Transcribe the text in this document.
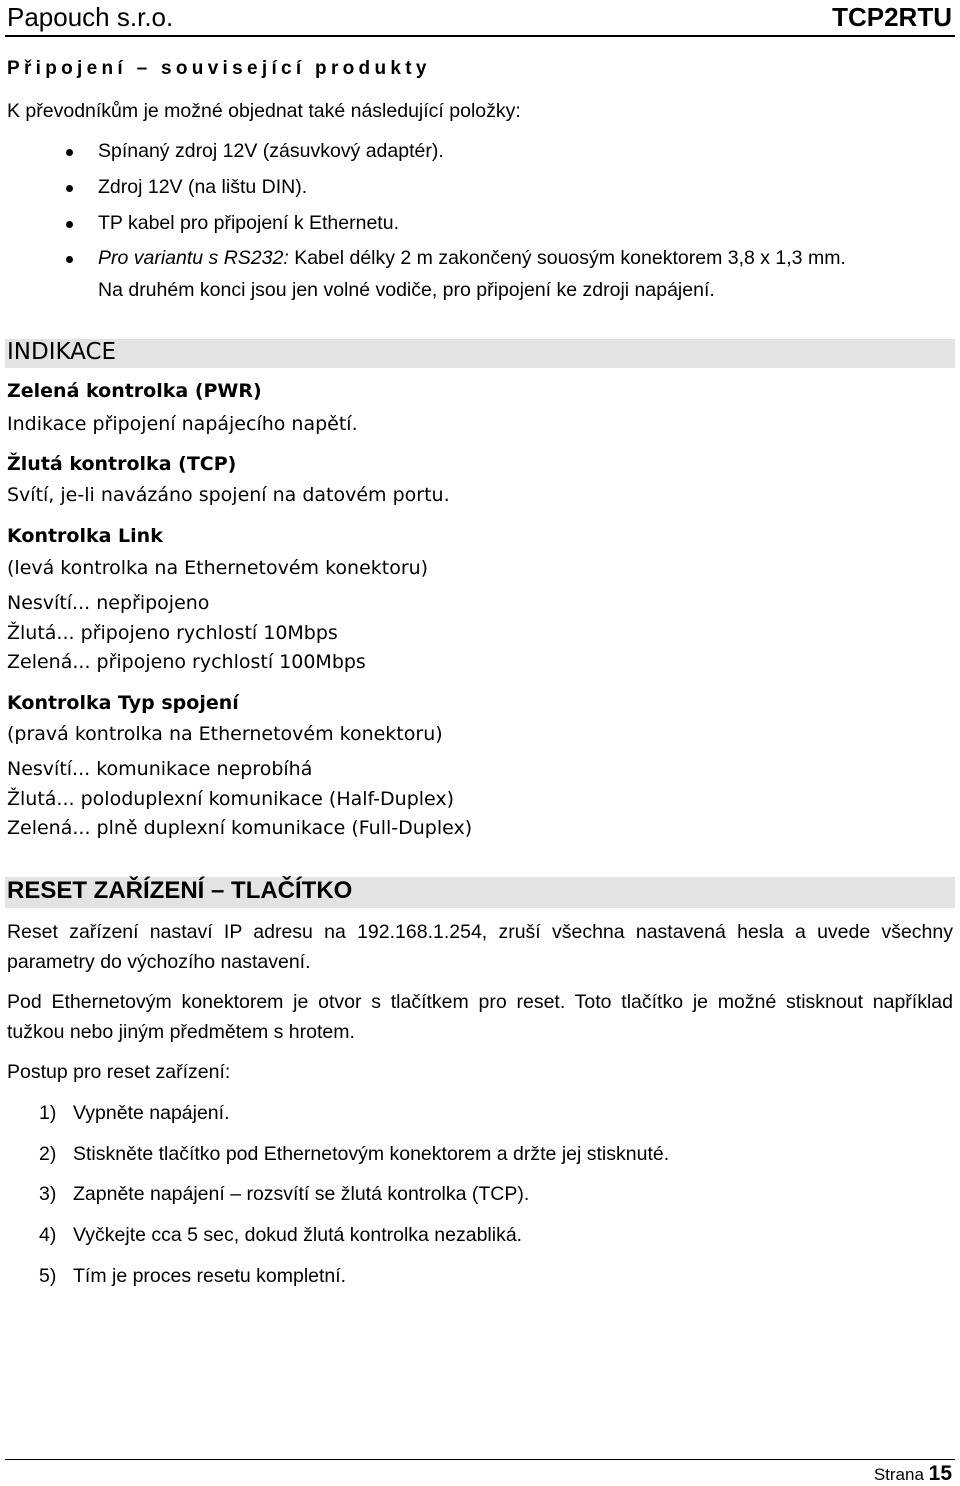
Papouch s.r.o.	TCP2RTU
Připojení – související produkty
K převodníkům je možné objednat také následující položky:
Spínaný zdroj 12V (zásuvkový adaptér).
Zdroj 12V (na lištu DIN).
TP kabel pro připojení k Ethernetu.
Pro variantu s RS232: Kabel délky 2 m zakončený souosým konektorem 3,8 x 1,3 mm.
Na druhém konci jsou jen volné vodiče, pro připojení ke zdroji napájení.
INDIKACE
Zelená kontrolka (PWR)
Indikace připojení napájecího napětí.
Žlutá kontrolka (TCP)
Svítí, je-li navázáno spojení na datovém portu.
Kontrolka Link
(levá kontrolka na Ethernetovém konektoru)
Nesvítí... nepřipojeno
Žlutá... připojeno rychlostí 10Mbps
Zelená... připojeno rychlostí 100Mbps
Kontrolka Typ spojení
(pravá kontrolka na Ethernetovém konektoru)
Nesvítí... komunikace neprobíhá
Žlutá... poloduplexní komunikace (Half-Duplex)
Zelená... plně duplexní komunikace (Full-Duplex)
RESET ZAŘÍZENÍ – TLAČÍTKO
Reset zařízení nastaví IP adresu na 192.168.1.254, zruší všechna nastavená hesla a uvede všechny parametry do výchozího nastavení.
Pod Ethernetovým konektorem je otvor s tlačítkem pro reset. Toto tlačítko je možné stisknout například tužkou nebo jiným předmětem s hrotem.
Postup pro reset zařízení:
1) Vypněte napájení.
2) Stiskněte tlačítko pod Ethernetovým konektorem a držte jej stisknuté.
3) Zapněte napájení – rozsvítí se žlutá kontrolka (TCP).
4) Vyčkejte cca 5 sec, dokud žlutá kontrolka nezabliká.
5) Tím je proces resetu kompletní.
Strana 15
